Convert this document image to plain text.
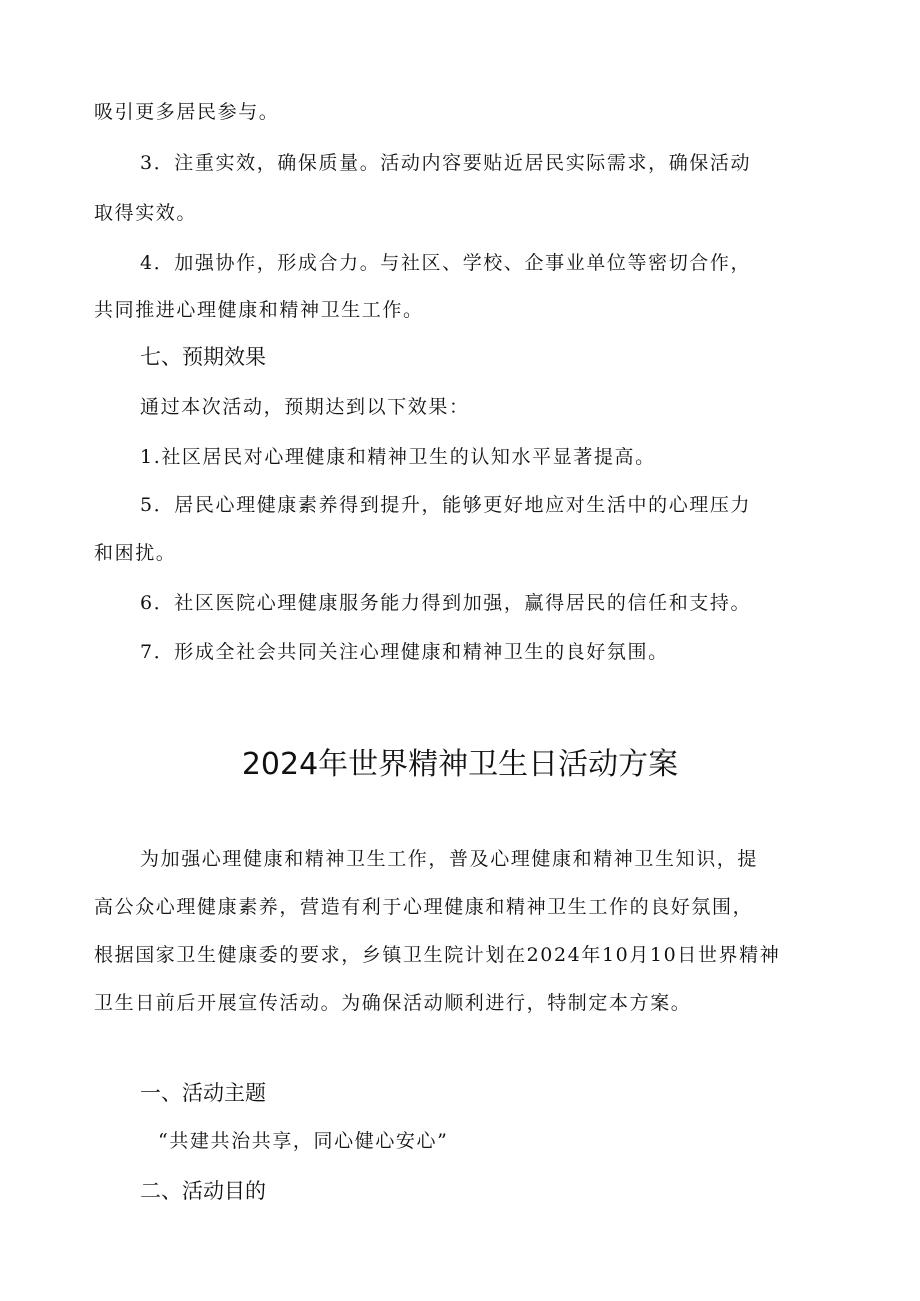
吸引更多居民参与。
3．注重实效，确保质量。活动内容要贴近居民实际需求，确保活动
取得实效。
4．加强协作，形成合力。与社区、学校、企事业单位等密切合作，
共同推进心理健康和精神卫生工作。
七、预期效果
通过本次活动，预期达到以下效果：
1.社区居民对心理健康和精神卫生的认知水平显著提高。
5．居民心理健康素养得到提升，能够更好地应对生活中的心理压力
和困扰。
6．社区医院心理健康服务能力得到加强，赢得居民的信任和支持。
7．形成全社会共同关注心理健康和精神卫生的良好氛围。
2024年世界精神卫生日活动方案
为加强心理健康和精神卫生工作，普及心理健康和精神卫生知识，提
高公众心理健康素养，营造有利于心理健康和精神卫生工作的良好氛围，
根据国家卫生健康委的要求，乡镇卫生院计划在2024年10月10日世界精神
卫生日前后开展宣传活动。为确保活动顺利进行，特制定本方案。
一、活动主题
“共建共治共享，同心健心安心”
二、活动目的
